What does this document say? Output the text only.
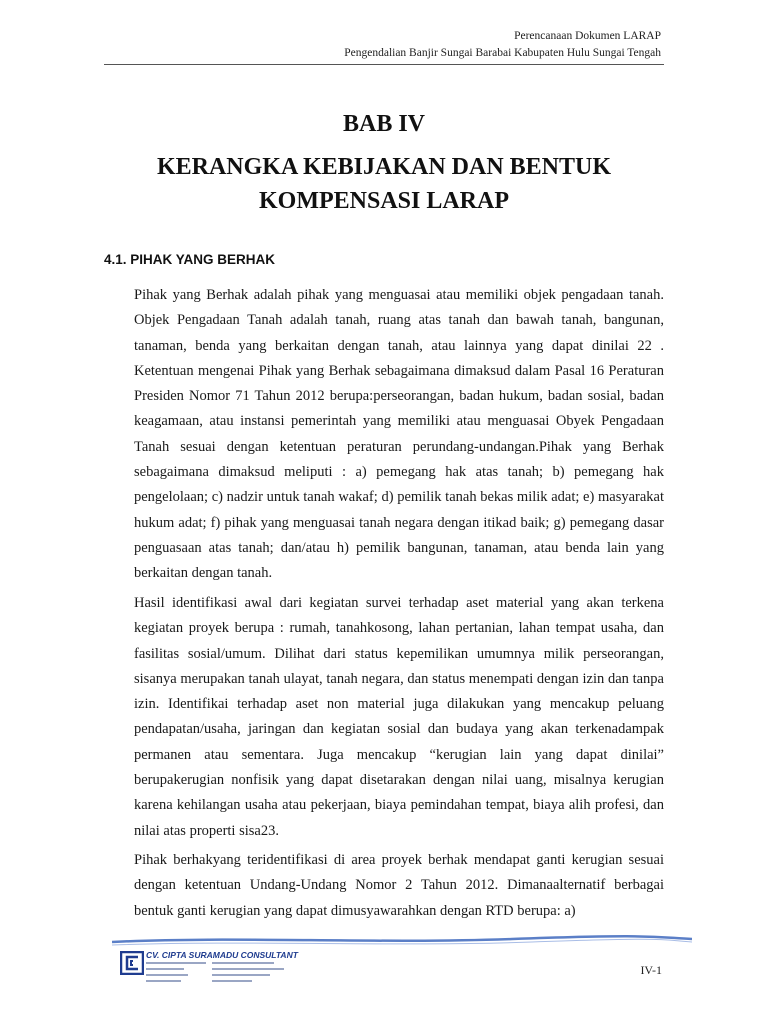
Perencanaan Dokumen LARAP
Pengendalian Banjir Sungai Barabai Kabupaten Hulu Sungai Tengah
BAB IV
KERANGKA KEBIJAKAN DAN BENTUK
KOMPENSASI LARAP
4.1. PIHAK YANG BERHAK

Pihak yang Berhak adalah pihak yang menguasai atau memiliki objek pengadaan tanah. Objek Pengadaan Tanah adalah tanah, ruang atas tanah dan bawah tanah, bangunan, tanaman, benda yang berkaitan dengan tanah, atau lainnya yang dapat dinilai 22 . Ketentuan mengenai Pihak yang Berhak sebagaimana dimaksud dalam Pasal 16 Peraturan Presiden Nomor 71 Tahun 2012 berupa:perseorangan, badan hukum, badan sosial, badan keagamaan, atau instansi pemerintah yang memiliki atau menguasai Obyek Pengadaan Tanah sesuai dengan ketentuan peraturan perundang-undangan.Pihak yang Berhak sebagaimana dimaksud meliputi : a) pemegang hak atas tanah; b) pemegang hak pengelolaan; c) nadzir untuk tanah wakaf; d) pemilik tanah bekas milik adat; e) masyarakat hukum adat; f) pihak yang menguasai tanah negara dengan itikad baik; g) pemegang dasar penguasaan atas tanah; dan/atau h) pemilik bangunan, tanaman, atau benda lain yang berkaitan dengan tanah.

Hasil identifikasi awal dari kegiatan survei terhadap aset material yang akan terkena kegiatan proyek berupa : rumah, tanahkosong, lahan pertanian, lahan tempat usaha, dan fasilitas sosial/umum. Dilihat dari status kepemilikan umumnya milik perseorangan, sisanya merupakan tanah ulayat, tanah negara, dan status menempati dengan izin dan tanpa izin. Identifikai terhadap aset non material juga dilakukan yang mencakup peluang pendapatan/usaha, jaringan dan kegiatan sosial dan budaya yang akan terkenadampak permanen atau sementara. Juga mencakup “kerugian lain yang dapat dinilai” berupakerugian nonfisik yang dapat disetarakan dengan nilai uang, misalnya kerugian karena kehilangan usaha atau pekerjaan, biaya pemindahan tempat, biaya alih profesi, dan nilai atas properti sisa23.

Pihak berhakyang teridentifikasi di area proyek berhak mendapat ganti kerugian sesuai dengan ketentuan Undang-Undang Nomor 2 Tahun 2012. Dimanaalternatif berbagai bentuk ganti kerugian yang dapat dimusyawarahkan dengan RTD berupa: a)

CV. CIPTA SURAMADU CONSULTANT
IV-1
